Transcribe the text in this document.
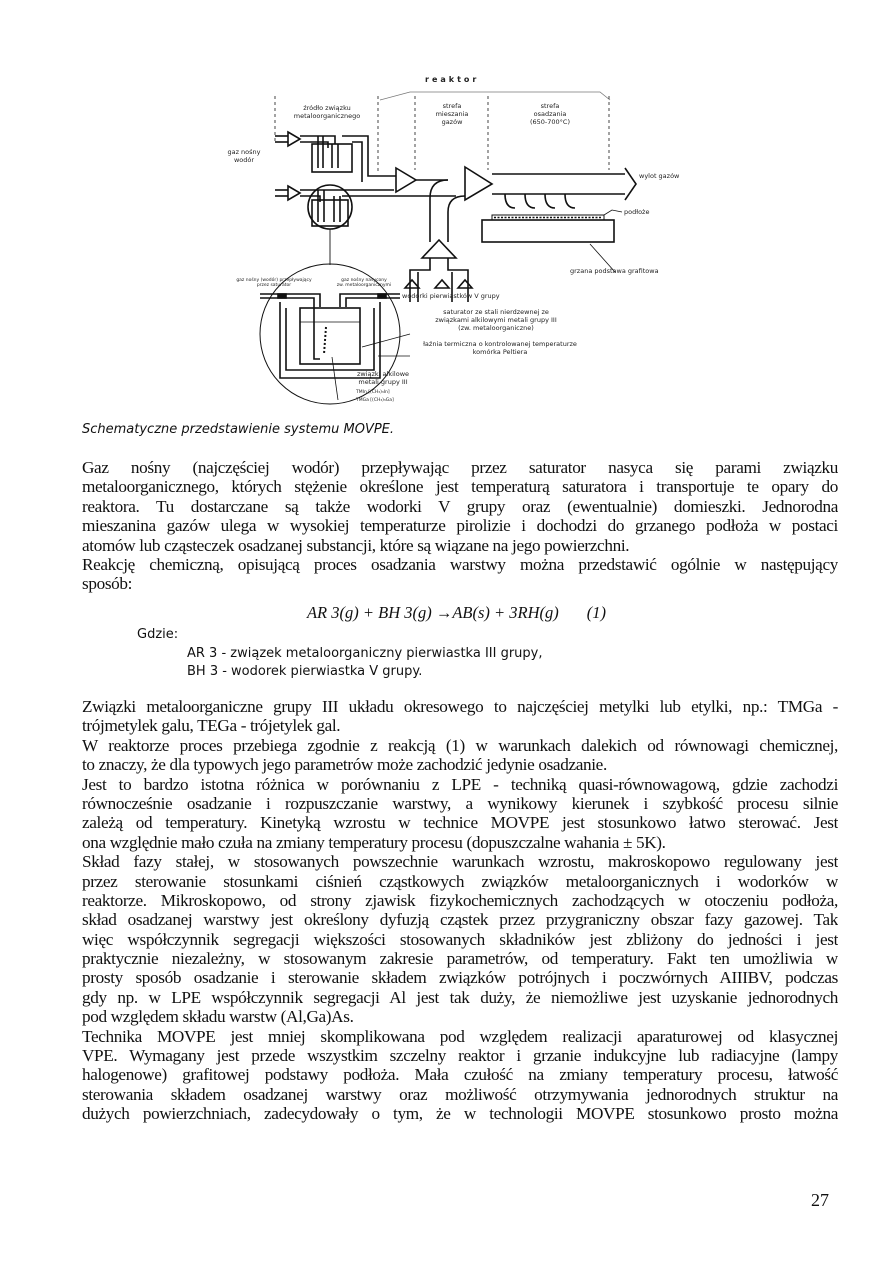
reaktor
źródło związku
metaloorganicznego
strefa
mieszania
gazów
strefa
osadzania
(650-700°C)
gaz nośny
wodór
wylot gazów
podłoże
grzana podstawa grafitowa
gaz nośny (wodór) przepływający
przez saturator
gaz nośny nasycony
zw. metaloorganicznymi
wodorki pierwiastków V grupy
saturator ze stali nierdzewnej ze
związkami alkilowymi metali grupy III
(zw. metaloorganiczne)
łaźnia termiczna o kontrolowanej temperaturze
komórka Peltiera
związki alkilowe
metali grupy III
TMIn [(CH₃)₃In]
TMGa [(CH₃)₃Ga]
Schematyczne przedstawienie systemu MOVPE.
Gaz nośny (najczęściej wodór) przepływając przez saturator nasyca się parami związku
metaloorganicznego, których stężenie określone jest temperaturą saturatora i transportuje te opary do
reaktora. Tu dostarczane są także wodorki V grupy oraz (ewentualnie) domieszki. Jednorodna
mieszanina gazów ulega w wysokiej temperaturze pirolizie i dochodzi do grzanego podłoża w postaci
atomów lub cząsteczek osadzanej substancji, które są wiązane na jego powierzchni.
Reakcję chemiczną, opisującą proces osadzania warstwy można przedstawić ogólnie w następujący
sposób:
AR 3(g) + BH 3(g) →AB(s) + 3RH(g) (1)
Gdzie:
AR 3 - związek metaloorganiczny pierwiastka III grupy,
BH 3 - wodorek pierwiastka V grupy.
Związki metaloorganiczne grupy III układu okresowego to najczęściej metylki lub etylki, np.: TMGa -
trójmetylek galu, TEGa - trójetylek gal.
W reaktorze proces przebiega zgodnie z reakcją (1) w warunkach dalekich od równowagi chemicznej,
to znaczy, że dla typowych jego parametrów może zachodzić jedynie osadzanie.
Jest to bardzo istotna różnica w porównaniu z LPE - techniką quasi-równowagową, gdzie zachodzi
równocześnie osadzanie i rozpuszczanie warstwy, a wynikowy kierunek i szybkość procesu silnie
zależą od temperatury. Kinetyką wzrostu w technice MOVPE jest stosunkowo łatwo sterować. Jest
ona względnie mało czuła na zmiany temperatury procesu (dopuszczalne wahania ± 5K).
Skład fazy stałej, w stosowanych powszechnie warunkach wzrostu, makroskopowo regulowany jest
przez sterowanie stosunkami ciśnień cząstkowych związków metaloorganicznych i wodorków w
reaktorze. Mikroskopowo, od strony zjawisk fizykochemicznych zachodzących w otoczeniu podłoża,
skład osadzanej warstwy jest określony dyfuzją cząstek przez przygraniczny obszar fazy gazowej. Tak
więc współczynnik segregacji większości stosowanych składników jest zbliżony do jedności i jest
praktycznie niezależny, w stosowanym zakresie parametrów, od temperatury. Fakt ten umożliwia w
prosty sposób osadzanie i sterowanie składem związków potrójnych i poczwórnych AIIIBV, podczas
gdy np. w LPE współczynnik segregacji Al jest tak duży, że niemożliwe jest uzyskanie jednorodnych
pod względem składu warstw (Al,Ga)As.
Technika MOVPE jest mniej skomplikowana pod względem realizacji aparaturowej od klasycznej
VPE. Wymagany jest przede wszystkim szczelny reaktor i grzanie indukcyjne lub radiacyjne (lampy
halogenowe) grafitowej podstawy podłoża. Mała czułość na zmiany temperatury procesu, łatwość
sterowania składem osadzanej warstwy oraz możliwość otrzymywania jednorodnych struktur na
dużych powierzchniach, zadecydowały o tym, że w technologii MOVPE stosunkowo prosto można
27
